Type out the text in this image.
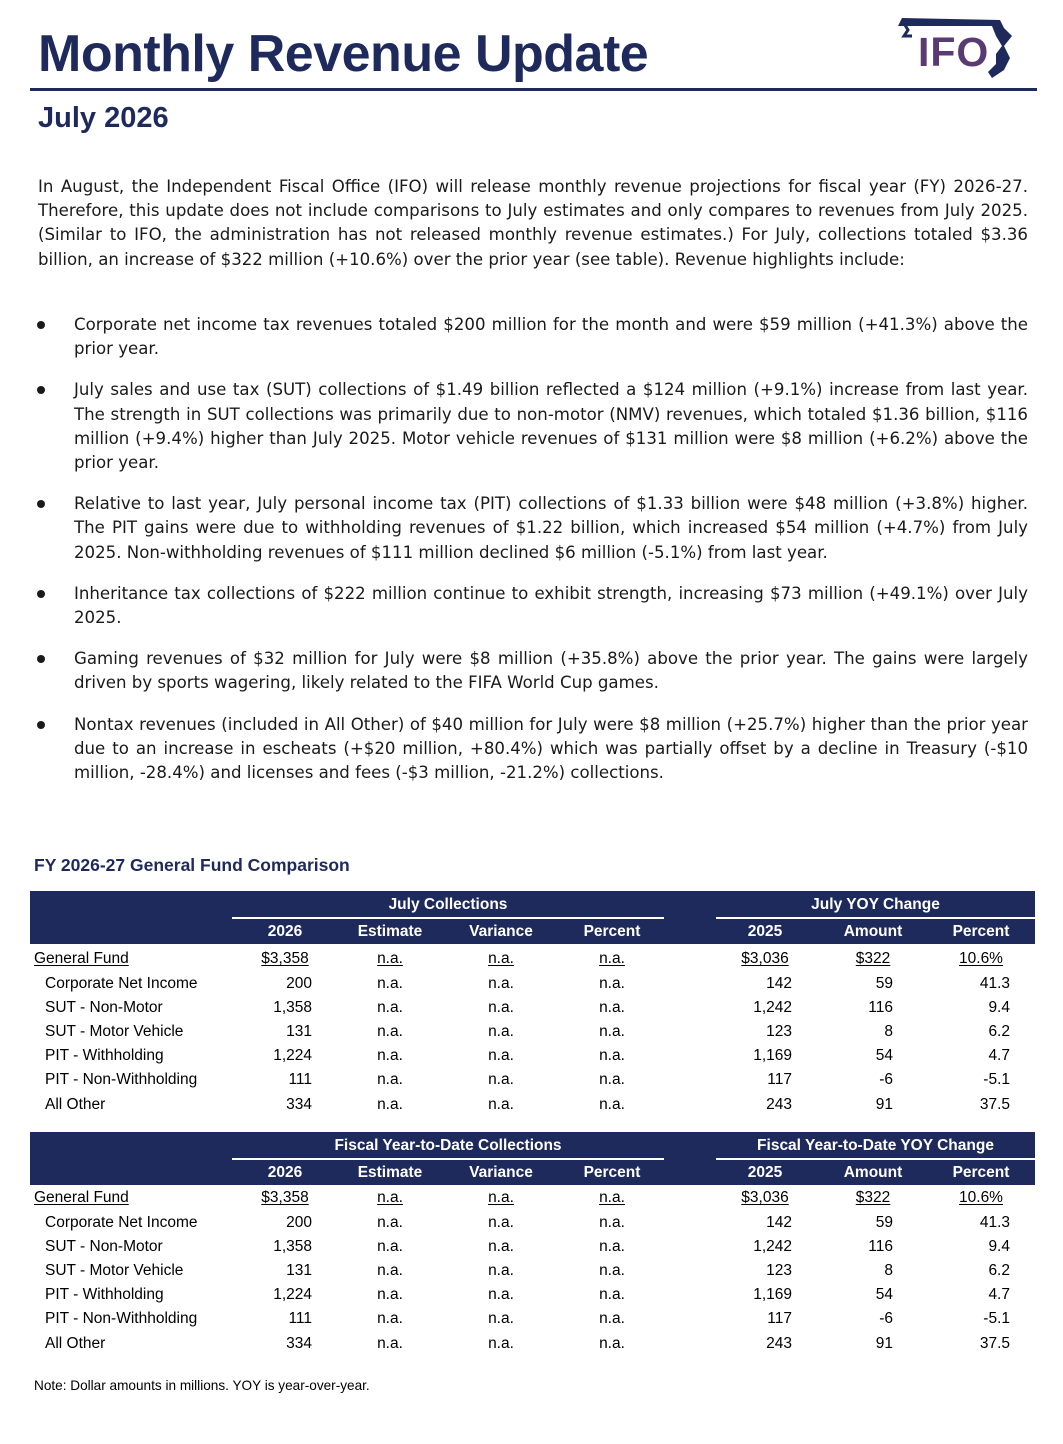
Monthly Revenue Update	IFO
July 2026
In August, the Independent Fiscal Office (IFO) will release monthly revenue projections for fiscal year (FY) 2026-27. Therefore, this update does not include comparisons to July estimates and only compares to revenues from July 2025. (Similar to IFO, the administration has not released monthly revenue estimates.) For July, collections totaled $3.36 billion, an increase of $322 million (+10.6%) over the prior year (see table). Revenue highlights include:
Corporate net income tax revenues totaled $200 million for the month and were $59 million (+41.3%) above the prior year.
July sales and use tax (SUT) collections of $1.49 billion reflected a $124 million (+9.1%) increase from last year. The strength in SUT collections was primarily due to non-motor (NMV) revenues, which totaled $1.36 billion, $116 million (+9.4%) higher than July 2025. Motor vehicle revenues of $131 million were $8 million (+6.2%) above the prior year.
Relative to last year, July personal income tax (PIT) collections of $1.33 billion were $48 million (+3.8%) higher. The PIT gains were due to withholding revenues of $1.22 billion, which increased $54 million (+4.7%) from July 2025. Non-withholding revenues of $111 million declined $6 million (-5.1%) from last year.
Inheritance tax collections of $222 million continue to exhibit strength, increasing $73 million (+49.1%) over July 2025.
Gaming revenues of $32 million for July were $8 million (+35.8%) above the prior year. The gains were largely driven by sports wagering, likely related to the FIFA World Cup games.
Nontax revenues (included in All Other) of $40 million for July were $8 million (+25.7%) higher than the prior year due to an increase in escheats (+$20 million, +80.4%) which was partially offset by a decline in Treasury (-$10 million, -28.4%) and licenses and fees (-$3 million, -21.2%) collections.
FY 2026-27 General Fund Comparison
July Collections	July YOY Change
2026	Estimate	Variance	Percent	2025	Amount	Percent
General Fund	$3,358	n.a.	n.a.	n.a.	$3,036	$322	10.6%
Corporate Net Income	200	n.a.	n.a.	n.a.	142	59	41.3
SUT - Non-Motor	1,358	n.a.	n.a.	n.a.	1,242	116	9.4
SUT - Motor Vehicle	131	n.a.	n.a.	n.a.	123	8	6.2
PIT - Withholding	1,224	n.a.	n.a.	n.a.	1,169	54	4.7
PIT - Non-Withholding	111	n.a.	n.a.	n.a.	117	-6	-5.1
All Other	334	n.a.	n.a.	n.a.	243	91	37.5
Fiscal Year-to-Date Collections	Fiscal Year-to-Date YOY Change
2026	Estimate	Variance	Percent	2025	Amount	Percent
General Fund	$3,358	n.a.	n.a.	n.a.	$3,036	$322	10.6%
Corporate Net Income	200	n.a.	n.a.	n.a.	142	59	41.3
SUT - Non-Motor	1,358	n.a.	n.a.	n.a.	1,242	116	9.4
SUT - Motor Vehicle	131	n.a.	n.a.	n.a.	123	8	6.2
PIT - Withholding	1,224	n.a.	n.a.	n.a.	1,169	54	4.7
PIT - Non-Withholding	111	n.a.	n.a.	n.a.	117	-6	-5.1
All Other	334	n.a.	n.a.	n.a.	243	91	37.5
Note: Dollar amounts in millions. YOY is year-over-year.
